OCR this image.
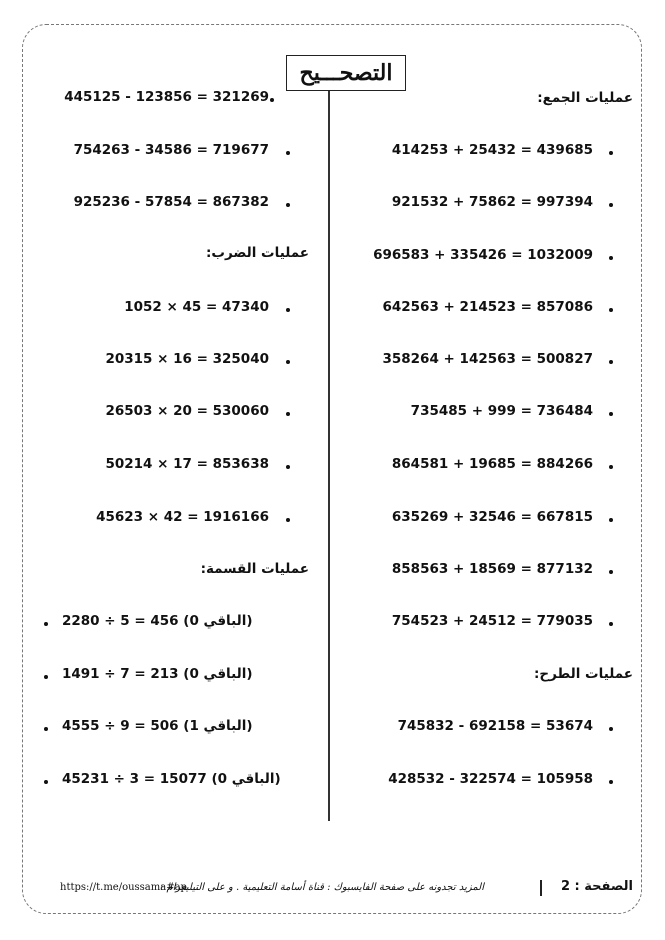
التصحـــيح
عمليات الجمع:
414253 + 25432 = 439685
921532 + 75862 = 997394
696583 + 335426 = 1032009
642563 + 214523 = 857086
358264 + 142563 = 500827
735485 + 999 = 736484
864581 + 19685 = 884266
635269 + 32546 = 667815
858563 + 18569 = 877132
754523 + 24512 = 779035
عمليات الطرح:
745832 - 692158 = 53674
428532 - 322574 = 105958
445125 - 123856 = 321269
754263 - 34586 = 719677
925236 - 57854 = 867382
عمليات الضرب:
1052 × 45 = 47340
20315 × 16 = 325040
26503 × 20 = 530060
50214 × 17 = 853638
45623 × 42 = 1916166
عمليات القسمة:
2280 ÷ 5 = 456 (الباقي 0)
1491 ÷ 7 = 213 (الباقي 0)
4555 ÷ 9 = 506 (الباقي 1)
45231 ÷ 3 = 15077 (الباقي 0)
الصفحة : 2
المزيد تجدونه على صفحة الفايسبوك : قناة أسامة التعليمية . و على التيليغرام :
https://t.me/oussama#ap
